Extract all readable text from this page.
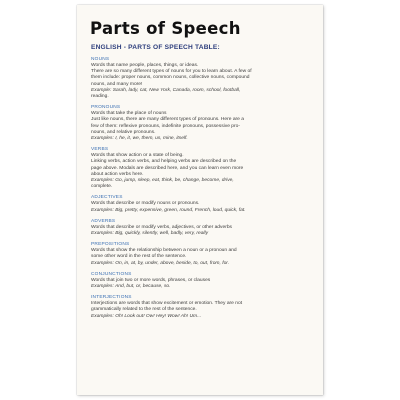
Parts of Speech
ENGLISH - PARTS OF SPEECH TABLE:
NOUNS
Words that name people, places, things, or ideas.
There are so many different types of nouns for you to learn about. A few of
them include: proper nouns, common nouns, collective nouns, compound
nouns, and many more!
Example: Sarah, lady, cat, New York, Canada, room, school, football,
reading.
PRONOUNS
Words that take the place of nouns
Just like nouns, there are many different types of pronouns. Here are a
few of them: reflexive pronouns, indefinite pronouns, possessive pro-
nouns, and relative pronouns.
Examples: I, he, it, we, them, us, mine, itself.
VERBS
Words that show action or a state of being.
Linking verbs, action verbs, and helping verbs are described on the
page above. Modals are described here, and you can learn even more
about action verbs here.
Examples: Go, jump, sleep, eat, think, be, change, become, drive,
complete.
ADJECTIVES
Words that describe or modify nouns or pronouns.
Examples: Big, pretty, expensive, green, round, French, loud, quick, fat.
ADVERBS
Words that describe or modify verbs, adjectives, or other adverbs
Examples: Big, quickly, silently, well, badly, very, really
PREPOSITIONS
Words that show the relationship between a noun or a pronoun and
some other word in the rest of the sentence.
Examples: On, in, at, by, under, above, beside, to, out, from, for.
CONJUNCTIONS
Words that join two or more words, phrases, or clauses
Examples: And, but, or, because, so.
INTERJECTIONS
Interjections are words that show excitement or emotion. They are not
grammatically related to the rest of the sentence.
Examples: Oh! Look out! Ow! Hey! Wow! Ah! Um...
